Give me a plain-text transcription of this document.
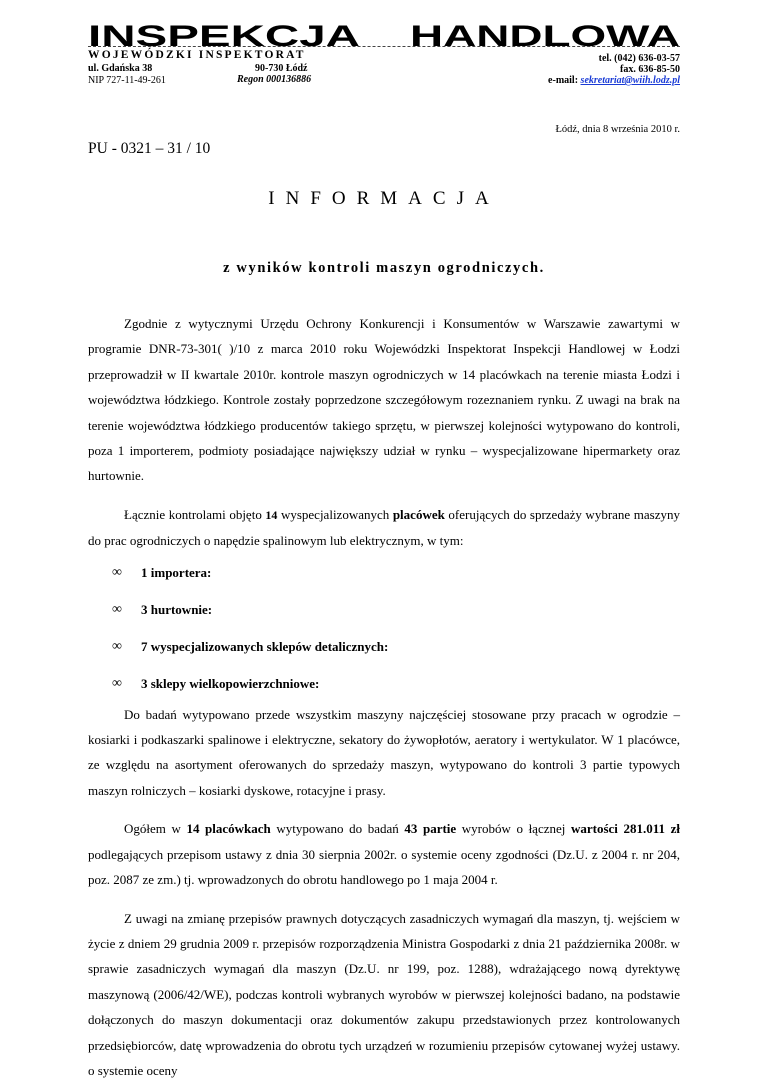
INSPEKCJA HANDLOWA
WOJEWÓDZKI INSPEKTORAT
ul. Gdańska 38
NIP 727-11-49-261
90-730 Łódź
Regon 000136886
tel. (042) 636-03-57
fax. 636-85-50
e-mail: sekretariat@wiih.lodz.pl
Łódź, dnia 8 września 2010 r.
PU - 0321 – 31 / 10
INFORMACJA
z wyników kontroli maszyn ogrodniczych.

Zgodnie z wytycznymi Urzędu Ochrony Konkurencji i Konsumentów w Warszawie zawartymi w programie DNR-73-301( )/10 z marca 2010 roku Wojewódzki Inspektorat Inspekcji Handlowej w Łodzi przeprowadził w II kwartale 2010r. kontrole maszyn ogrodniczych w 14 placówkach na terenie miasta Łodzi i województwa łódzkiego. Kontrole zostały poprzedzone szczegółowym rozeznaniem rynku. Z uwagi na brak na terenie województwa łódzkiego producentów takiego sprzętu, w pierwszej kolejności wytypowano do kontroli, poza 1 importerem, podmioty posiadające największy udział w rynku – wyspecjalizowane hipermarkety oraz hurtownie.

Łącznie kontrolami objęto 14 wyspecjalizowanych placówek oferujących do sprzedaży wybrane maszyny do prac ogrodniczych o napędzie spalinowym lub elektrycznym, w tym:

∞ 1 importera:
∞ 3 hurtownie:
∞ 7 wyspecjalizowanych sklepów detalicznych:
∞ 3 sklepy wielkopowierzchniowe:

Do badań wytypowano przede wszystkim maszyny najczęściej stosowane przy pracach w ogrodzie – kosiarki i podkaszarki spalinowe i elektryczne, sekatory do żywopłotów, aeratory i wertykulator. W 1 placówce, ze względu na asortyment oferowanych do sprzedaży maszyn, wytypowano do kontroli 3 partie typowych maszyn rolniczych – kosiarki dyskowe, rotacyjne i prasy.

Ogółem w 14 placówkach wytypowano do badań 43 partie wyrobów o łącznej wartości 281.011 zł podlegających przepisom ustawy z dnia 30 sierpnia 2002r. o systemie oceny zgodności (Dz.U. z 2004 r. nr 204, poz. 2087 ze zm.) tj. wprowadzonych do obrotu handlowego po 1 maja 2004 r.

Z uwagi na zmianę przepisów prawnych dotyczących zasadniczych wymagań dla maszyn, tj. wejściem w życie z dniem 29 grudnia 2009 r. przepisów rozporządzenia Ministra Gospodarki z dnia 21 października 2008r. w sprawie zasadniczych wymagań dla maszyn (Dz.U. nr 199, poz. 1288), wdrażającego nową dyrektywę maszynową (2006/42/WE), podczas kontroli wybranych wyrobów w pierwszej kolejności badano, na podstawie dołączonych do maszyn dokumentacji oraz dokumentów zakupu przedstawionych przez kontrolowanych przedsiębiorców, datę wprowadzenia do obrotu tych urządzeń w rozumieniu przepisów cytowanej wyżej ustawy. o systemie oceny
